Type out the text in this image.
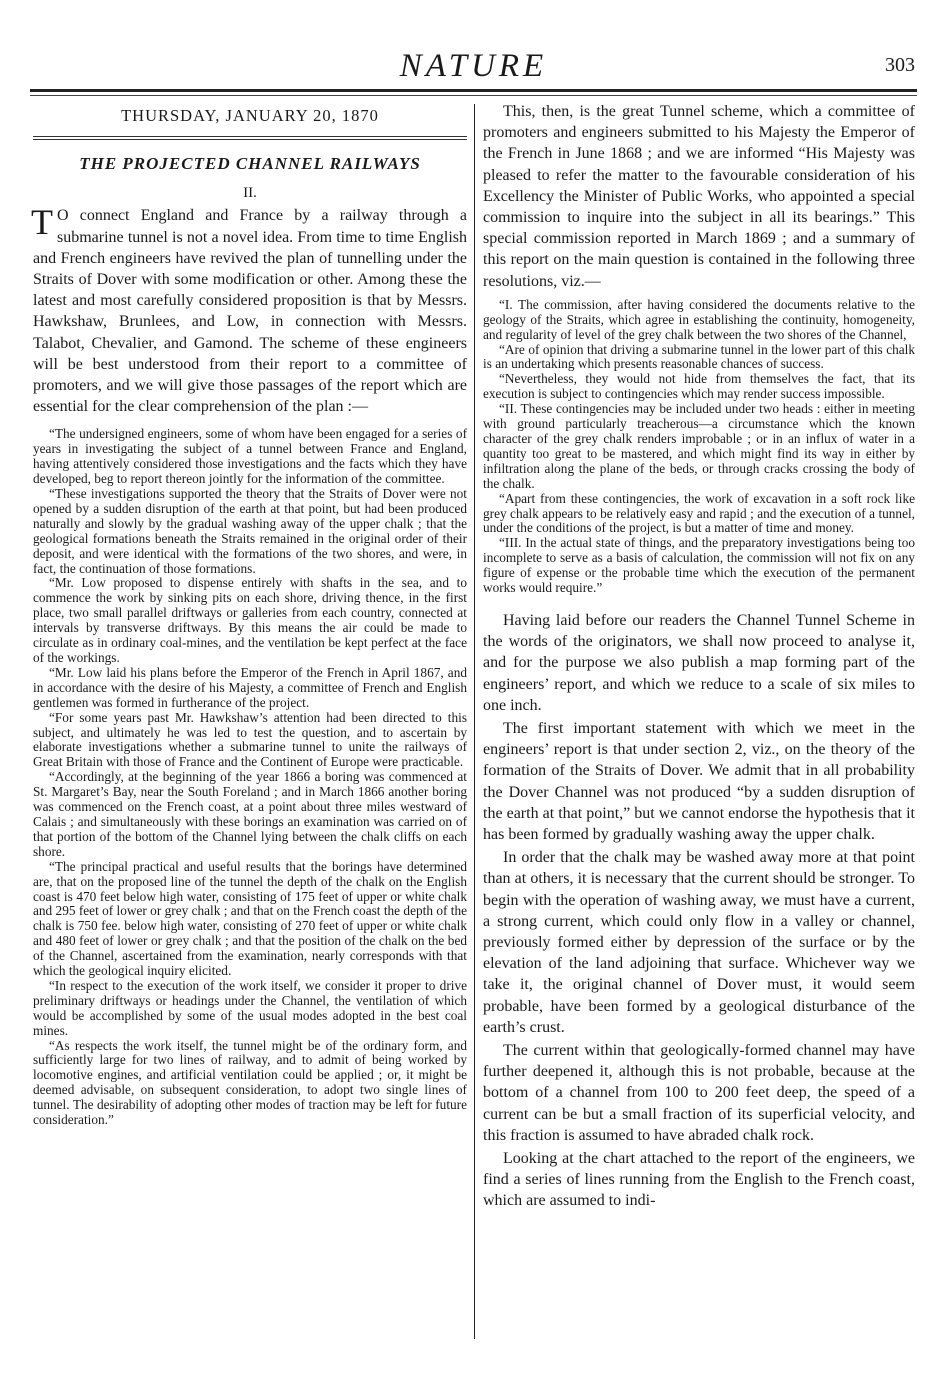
NATURE	303
THURSDAY, JANUARY 20, 1870
THE PROJECTED CHANNEL RAILWAYS
II.

T O connect England and France by a railway through a submarine tunnel is not a novel idea. From time to time English and French engineers have revived the plan of tunnelling under the Straits of Dover with some modification or other. Among these the latest and most carefully considered proposition is that by Messrs. Hawkshaw, Brunlees, and Low, in connection with Messrs. Talabot, Chevalier, and Gamond. The scheme of these engineers will be best understood from their report to a committee of promoters, and we will give those passages of the report which are essential for the clear comprehension of the plan :—

“The undersigned engineers, some of whom have been engaged for a series of years in investigating the subject of a tunnel between France and England, having attentively considered those investigations and the facts which they have developed, beg to report thereon jointly for the information of the committee.

“These investigations supported the theory that the Straits of Dover were not opened by a sudden disruption of the earth at that point, but had been produced naturally and slowly by the gradual washing away of the upper chalk ; that the geological formations beneath the Straits remained in the original order of their deposit, and were identical with the formations of the two shores, and were, in fact, the continuation of those formations.

“Mr. Low proposed to dispense entirely with shafts in the sea, and to commence the work by sinking pits on each shore, driving thence, in the first place, two small parallel driftways or galleries from each country, connected at intervals by transverse driftways. By this means the air could be made to circulate as in ordinary coal-mines, and the ventilation be kept perfect at the face of the workings.

“Mr. Low laid his plans before the Emperor of the French in April 1867, and in accordance with the desire of his Majesty, a committee of French and English gentlemen was formed in furtherance of the project.

“For some years past Mr. Hawkshaw’s attention had been directed to this subject, and ultimately he was led to test the question, and to ascertain by elaborate investigations whether a submarine tunnel to unite the railways of Great Britain with those of France and the Continent of Europe were practicable.

“Accordingly, at the beginning of the year 1866 a boring was commenced at St. Margaret’s Bay, near the South Foreland ; and in March 1866 another boring was commenced on the French coast, at a point about three miles westward of Calais ; and simultaneously with these borings an examination was carried on of that portion of the bottom of the Channel lying between the chalk cliffs on each shore.

“The principal practical and useful results that the borings have determined are, that on the proposed line of the tunnel the depth of the chalk on the English coast is 470 feet below high water, consisting of 175 feet of upper or white chalk and 295 feet of lower or grey chalk ; and that on the French coast the depth of the chalk is 750 fee. below high water, consisting of 270 feet of upper or white chalk and 480 feet of lower or grey chalk ; and that the position of the chalk on the bed of the Channel, ascertained from the examination, nearly corresponds with that which the geological inquiry elicited.

“In respect to the execution of the work itself, we consider it proper to drive preliminary driftways or headings under the Channel, the ventilation of which would be accomplished by some of the usual modes adopted in the best coal mines.

“As respects the work itself, the tunnel might be of the ordinary form, and sufficiently large for two lines of railway, and to admit of being worked by locomotive engines, and artificial ventilation could be applied ; or, it might be deemed advisable, on subsequent consideration, to adopt two single lines of tunnel. The desirability of adopting other modes of traction may be left for future consideration.”

This, then, is the great Tunnel scheme, which a committee of promoters and engineers submitted to his Majesty the Emperor of the French in June 1868 ; and we are informed “His Majesty was pleased to refer the matter to the favourable consideration of his Excellency the Minister of Public Works, who appointed a special commission to inquire into the subject in all its bearings.” This special commission reported in March 1869 ; and a summary of this report on the main question is contained in the following three resolutions, viz.—

“I. The commission, after having considered the documents relative to the geology of the Straits, which agree in establishing the continuity, homogeneity, and regularity of level of the grey chalk between the two shores of the Channel,

“Are of opinion that driving a submarine tunnel in the lower part of this chalk is an undertaking which presents reasonable chances of success.

“Nevertheless, they would not hide from themselves the fact, that its execution is subject to contingencies which may render success impossible.

“II. These contingencies may be included under two heads : either in meeting with ground particularly treacherous—a circumstance which the known character of the grey chalk renders improbable ; or in an influx of water in a quantity too great to be mastered, and which might find its way in either by infiltration along the plane of the beds, or through cracks crossing the body of the chalk.

“Apart from these contingencies, the work of excavation in a soft rock like grey chalk appears to be relatively easy and rapid ; and the execution of a tunnel, under the conditions of the project, is but a matter of time and money.

“III. In the actual state of things, and the preparatory investigations being too incomplete to serve as a basis of calculation, the commission will not fix on any figure of expense or the probable time which the execution of the permanent works would require.”

Having laid before our readers the Channel Tunnel Scheme in the words of the originators, we shall now proceed to analyse it, and for the purpose we also publish a map forming part of the engineers’ report, and which we reduce to a scale of six miles to one inch.

The first important statement with which we meet in the engineers’ report is that under section 2, viz., on the theory of the formation of the Straits of Dover. We admit that in all probability the Dover Channel was not produced “by a sudden disruption of the earth at that point,” but we cannot endorse the hypothesis that it has been formed by gradually washing away the upper chalk.

In order that the chalk may be washed away more at that point than at others, it is necessary that the current should be stronger. To begin with the operation of washing away, we must have a current, a strong current, which could only flow in a valley or channel, previously formed either by depression of the surface or by the elevation of the land adjoining that surface. Whichever way we take it, the original channel of Dover must, it would seem probable, have been formed by a geological disturbance of the earth’s crust.

The current within that geologically-formed channel may have further deepened it, although this is not probable, because at the bottom of a channel from 100 to 200 feet deep, the speed of a current can be but a small fraction of its superficial velocity, and this fraction is assumed to have abraded chalk rock.

Looking at the chart attached to the report of the engineers, we find a series of lines running from the English to the French coast, which are assumed to indi-
